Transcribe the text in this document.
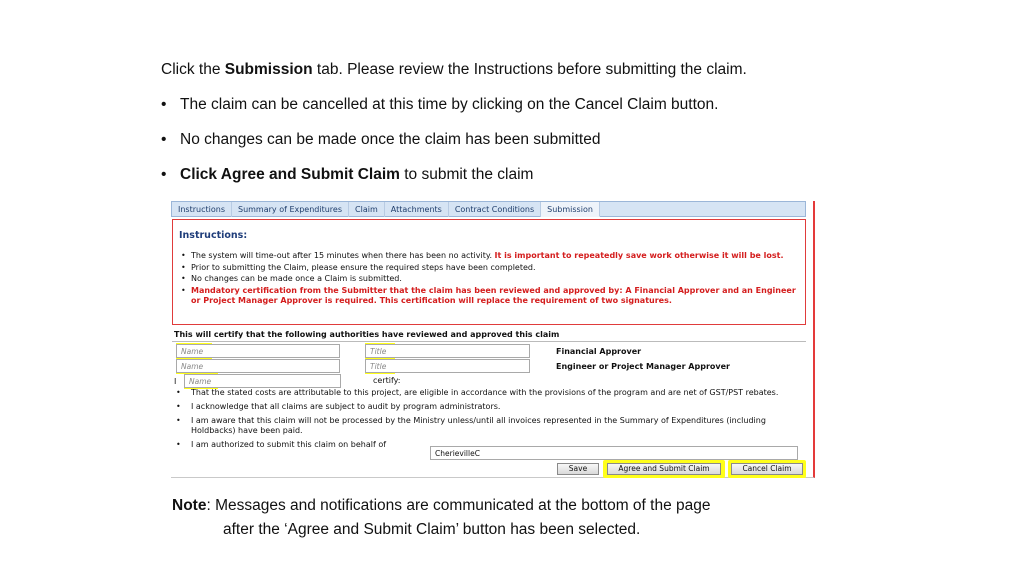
Click the Submission tab. Please review the Instructions before submitting the claim.
• The claim can be cancelled at this time by clicking on the Cancel Claim button.
• No changes can be made once the claim has been submitted
• Click Agree and Submit Claim to submit the claim
Instructions	Summary of Expenditures	Claim	Attachments	Contract Conditions	Submission
Instructions:
• The system will time-out after 15 minutes when there has been no activity. It is important to repeatedly save work otherwise it will be lost.
• Prior to submitting the Claim, please ensure the required steps have been completed.
• No changes can be made once a Claim is submitted.
• Mandatory certification from the Submitter that the claim has been reviewed and approved by: A Financial Approver and an Engineer or Project Manager Approver is required. This certification will replace the requirement of two signatures.
This will certify that the following authorities have reviewed and approved this claim
Name	Title	Financial Approver
Name	Title	Engineer or Project Manager Approver
I	Name	certify:
• That the stated costs are attributable to this project, are eligible in accordance with the provisions of the program and are net of GST/PST rebates.
• I acknowledge that all claims are subject to audit by program administrators.
• I am aware that this claim will not be processed by the Ministry unless/until all invoices represented in the Summary of Expenditures (including Holdbacks) have been paid.
• I am authorized to submit this claim on behalf of
CherievilleC
Save	Agree and Submit Claim	Cancel Claim
Note: Messages and notifications are communicated at the bottom of the page
after the ‘Agree and Submit Claim’ button has been selected.
